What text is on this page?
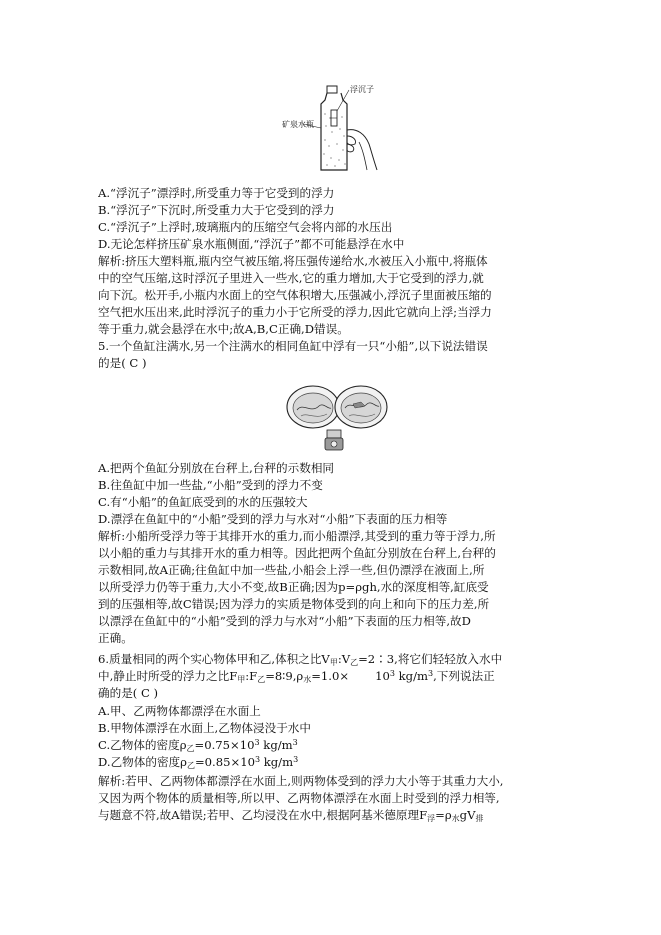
浮沉子
矿泉水瓶
A.“浮沉子”漂浮时,所受重力等于它受到的浮力
B.“浮沉子”下沉时,所受重力大于它受到的浮力
C.“浮沉子”上浮时,玻璃瓶内的压缩空气会将内部的水压出
D.无论怎样挤压矿泉水瓶侧面,“浮沉子”都不可能悬浮在水中
解析:挤压大塑料瓶,瓶内空气被压缩,将压强传递给水,水被压入小瓶中,将瓶体
中的空气压缩,这时浮沉子里进入一些水,它的重力增加,大于它受到的浮力,就
向下沉。松开手,小瓶内水面上的空气体积增大,压强减小,浮沉子里面被压缩的
空气把水压出来,此时浮沉子的重力小于它所受的浮力,因此它就向上浮;当浮力
等于重力,就会悬浮在水中;故A,B,C正确,D错误。
5.一个鱼缸注满水,另一个注满水的相同鱼缸中浮有一只“小船”,以下说法错误
的是( C )
A.把两个鱼缸分别放在台秤上,台秤的示数相同
B.往鱼缸中加一些盐,“小船”受到的浮力不变
C.有“小船”的鱼缸底受到的水的压强较大
D.漂浮在鱼缸中的“小船”受到的浮力与水对“小船”下表面的压力相等
解析:小船所受浮力等于其排开水的重力,而小船漂浮,其受到的重力等于浮力,所
以小船的重力与其排开水的重力相等。因此把两个鱼缸分别放在台秤上,台秤的
示数相同,故A正确;往鱼缸中加一些盐,小船会上浮一些,但仍漂浮在液面上,所
以所受浮力仍等于重力,大小不变,故B正确;因为p=ρgh,水的深度相等,缸底受
到的压强相等,故C错误;因为浮力的实质是物体受到的向上和向下的压力差,所
以漂浮在鱼缸中的“小船”受到的浮力与水对“小船”下表面的压力相等,故D
正确。
6.质量相同的两个实心物体甲和乙,体积之比$V_甲:V_乙=2∶3$,将它们轻轻放入水中
中,静止时所受的浮力之比$F_甲:F_乙=8∶9,\rho_水=1.0\times 10^3$ $kg/m^3$,下列说法正
确的是( C )
A.甲、乙两物体都漂浮在水面上
B.甲物体漂浮在水面上,乙物体浸没于水中
C.乙物体的密度$\rho_乙=0.75\times 10^3$ $kg/m^3$
D.乙物体的密度$\rho_乙=0.85\times 10^3$ $kg/m^3$
解析:若甲、乙两物体都漂浮在水面上,则两物体受到的浮力大小等于其重力大小,
又因为两个物体的质量相等,所以甲、乙两物体漂浮在水面上时受到的浮力相等,
与题意不符,故A错误;若甲、乙均浸没在水中,根据阿基米德原理$F_浮=\rho_水gV_排$
